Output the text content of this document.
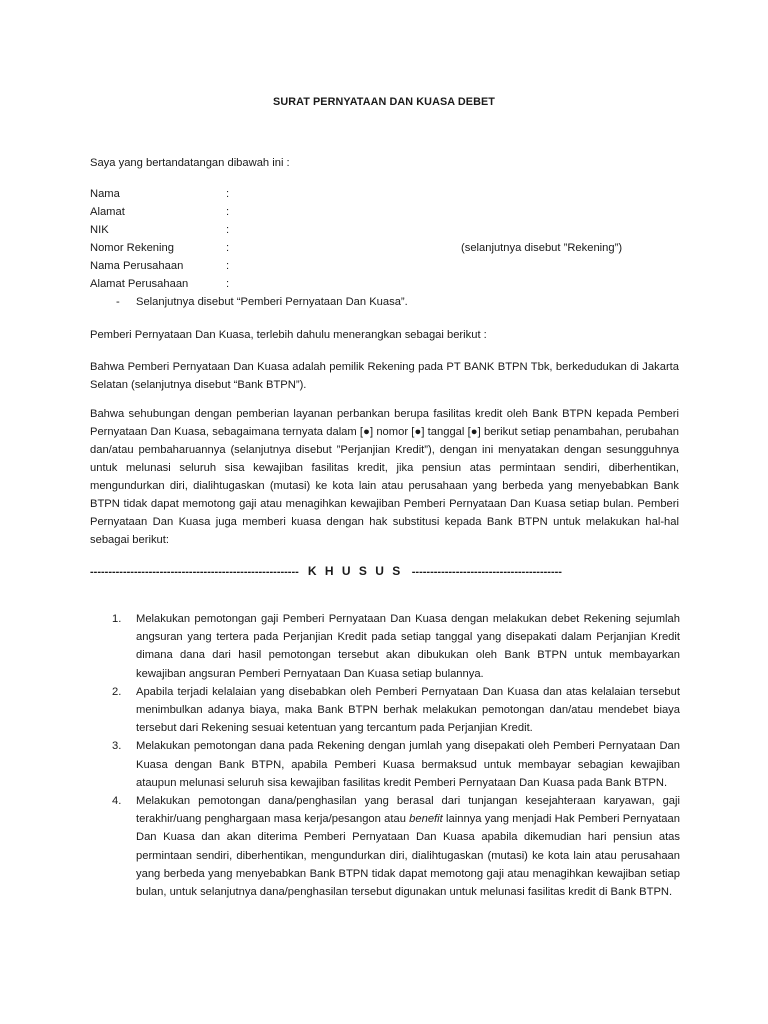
SURAT PERNYATAAN DAN KUASA DEBET
Saya yang bertandatangan dibawah ini :
Nama	:
Alamat	:
NIK	:
Nomor Rekening	:	(selanjutnya disebut ”Rekening”)
Nama Perusahaan	:
Alamat Perusahaan	:
- Selanjutnya disebut “Pemberi Pernyataan Dan Kuasa”.

Pemberi Pernyataan Dan Kuasa, terlebih dahulu menerangkan sebagai berikut :

Bahwa Pemberi Pernyataan Dan Kuasa adalah pemilik Rekening pada PT BANK BTPN Tbk, berkedudukan di Jakarta Selatan (selanjutnya disebut “Bank BTPN”).

Bahwa sehubungan dengan pemberian layanan perbankan berupa fasilitas kredit oleh Bank BTPN kepada Pemberi Pernyataan Dan Kuasa, sebagaimana ternyata dalam [●] nomor [●] tanggal [●] berikut setiap penambahan, perubahan dan/atau pembaharuannya (selanjutnya disebut ”Perjanjian Kredit”), dengan ini menyatakan dengan sesungguhnya untuk melunasi seluruh sisa kewajiban fasilitas kredit, jika pensiun atas permintaan sendiri, diberhentikan, mengundurkan diri, dialihtugaskan (mutasi) ke kota lain atau perusahaan yang berbeda yang menyebabkan Bank BTPN tidak dapat memotong gaji atau menagihkan kewajiban Pemberi Pernyataan Dan Kuasa setiap bulan. Pemberi Pernyataan Dan Kuasa juga memberi kuasa dengan hak substitusi kepada Bank BTPN untuk melakukan hal-hal sebagai berikut:

--------------------------------------------------------- K H U S U S -----------------------------------------
1. Melakukan pemotongan gaji Pemberi Pernyataan Dan Kuasa dengan melakukan debet Rekening sejumlah angsuran yang tertera pada Perjanjian Kredit pada setiap tanggal yang disepakati dalam Perjanjian Kredit dimana dana dari hasil pemotongan tersebut akan dibukukan oleh Bank BTPN untuk membayarkan kewajiban angsuran Pemberi Pernyataan Dan Kuasa setiap bulannya.
2. Apabila terjadi kelalaian yang disebabkan oleh Pemberi Pernyataan Dan Kuasa dan atas kelalaian tersebut menimbulkan adanya biaya, maka Bank BTPN berhak melakukan pemotongan dan/atau mendebet biaya tersebut dari Rekening sesuai ketentuan yang tercantum pada Perjanjian Kredit.
3. Melakukan pemotongan dana pada Rekening dengan jumlah yang disepakati oleh Pemberi Pernyataan Dan Kuasa dengan Bank BTPN, apabila Pemberi Kuasa bermaksud untuk membayar sebagian kewajiban ataupun melunasi seluruh sisa kewajiban fasilitas kredit Pemberi Pernyataan Dan Kuasa pada Bank BTPN.
4. Melakukan pemotongan dana/penghasilan yang berasal dari tunjangan kesejahteraan karyawan, gaji terakhir/uang penghargaan masa kerja/pesangon atau benefit lainnya yang menjadi Hak Pemberi Pernyataan Dan Kuasa dan akan diterima Pemberi Pernyataan Dan Kuasa apabila dikemudian hari pensiun atas permintaan sendiri, diberhentikan, mengundurkan diri, dialihtugaskan (mutasi) ke kota lain atau perusahaan yang berbeda yang menyebabkan Bank BTPN tidak dapat memotong gaji atau menagihkan kewajiban setiap bulan, untuk selanjutnya dana/penghasilan tersebut digunakan untuk melunasi fasilitas kredit di Bank BTPN.
